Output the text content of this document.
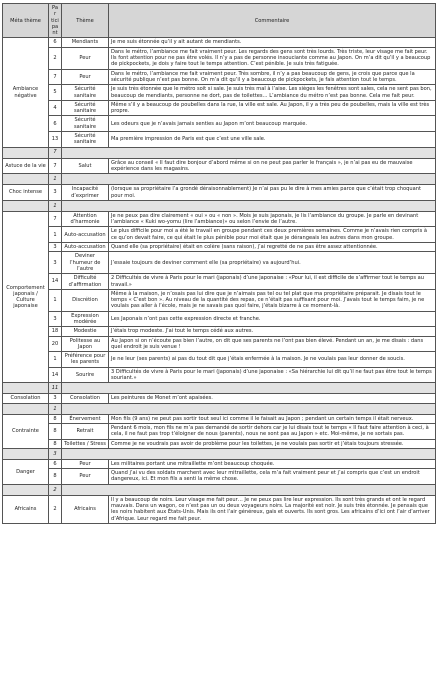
Méta thème	Par tici pa nt	Thème	Commentaire
Ambiance négative	6	Mendiants	Je me suis étonnée qu’il y ait autant de mendiants.
	2	Peur	Dans le métro, l’ambiance me fait vraiment peur. Les regards des gens sont très lourds. Très triste, leur visage me fait peur. Ils font attention pour ne pas être volés. Il n’y a pas de personne insouciante comme au Japon. On m’a dit qu’il y a beaucoup de pickpockets, je dois y faire tout le temps attention. C’est pénible. Je suis très fatiguée.
	7	Peur	Dans le métro, l’ambiance me fait vraiment peur. Très sombre, il n’y a pas beaucoup de gens, je crois que parce que la sécurité publique n’est pas bonne. On m’a dit qu’il y a beaucoup de pickpockets, je fais attention tout le temps.
	5	Sécurité sanitaire	Je suis très étonnée que le métro soit si sale. Je suis très mal à l’aise. Les sièges les fenêtres sont sales, cela ne sent pas bon, beaucoup de mendiants, personne ne dort, pas de toilettes… L’ambiance du métro n’est pas bonne. Cela me fait peur.
	4	Sécurité sanitaire	Même s’il y a beaucoup de poubelles dans la rue, la ville est sale. Au Japon, il y a très peu de poubelles, mais la ville est très propre.
	6	Sécurité sanitaire	Les odeurs que je n’avais jamais senties au Japon m’ont beaucoup marquée.
	13	Sécurité sanitaire	Ma première impression de Paris est que c’est une ville sale.
	7		
Astuce de la vie	7	Salut	Grâce au conseil « Il faut dire bonjour d’abord même si on ne peut pas parler le français », je n’ai pas eu de mauvaise expérience dans les magasins.
	1		
Choc intense	3	Incapacité d’exprimer	(lorsque sa propriétaire l’a grondé déraisonnablement) Je n’ai pas pu le dire à mes amies parce que c’était trop choquant pour moi.
	1		
Comportement japonais / Culture japonaise	7	Attention d’harmonie	Je ne peux pas dire clairement « oui » ou « non ». Mois je suis japonais, je lis l’ambiance du groupe. Je parle en devinant l’ambiance « Kuki wo-yomu (lire l’ambiance)» ou selon l’envie de l’autre.
	1	Auto-accusation	Le plus difficile pour moi a été le travail en groupe pendant ces deux premières semaines. Comme je n’avais rien compris à ce qu’on devait faire, ce qui était le plus pénible pour moi était que je dérangeais les autres dans mon groupe.
	3	Auto-accusation	Quand elle (sa propriétaire) était en colère (sans raison), j’ai regretté de ne pas être assez attentionnée.
	3	Deviner l’humeur de l’autre	J’essaie toujours de deviner comment elle (sa propriétaire) va aujourd’hui.
	14	Difficulté d’affirmation	2 Difficultés de vivre à Paris pour le mari (japonais) d’une japonaise : «Pour lui, il est difficile de s’affirmer tout le temps au travail.»
	1	Discrétion	Même à la maison, je n’osais pas lui dire que je n’aimais pas tel ou tel plat que ma propriétaire préparait. Je disais tout le temps « C’est bon ». Au niveau de la quantité des repas, ce n’était pas suffisant pour moi. J’avais tout le temps faim, je ne voulais pas aller à l’école, mais je ne savais pas quoi faire, j’étais bizarre à ce moment-là.
	3	Expression modérée	Les Japonais n’ont pas cette expression directe et franche.
	18	Modestie	J’étais trop modeste. J’ai tout le temps cédé aux autres.
	20	Politesse au Japon	Au Japon si on n’écoute pas bien l’autre, on dit que ses parents ne l’ont pas bien élevé. Pendant un an, je me disais : dans quel endroit je suis venue !
	1	Préférence pour les parents	Je ne leur (ses parents) ai pas du tout dit que j’étais enfermée à la maison. Je ne voulais pas leur donner de soucis.
	14	Sourire	3 Difficultés de vivre à Paris pour le mari (japonais) d’une japonaise : «Sa hiérarchie lui dit qu’il ne faut pas être tout le temps souriant.»
	11		
Consolation	3	Consolation	Les peintures de Monet m’ont apaisées.
	1		
Contrainte	8	Énervement	Mon fils (9 ans) ne peut pas sortir tout seul ici comme il le faisait au Japon ; pendant un certain temps il était nerveux.
	8	Retrait	Pendant 6 mois, mon fils ne m’a pas demandé de sortir dehors car je lui disais tout le temps « Il faut faire attention à ceci, à cela, il ne faut pas trop t’éloigner de nous (parents), nous ne sont pas au Japon » etc. Moi-même, je ne sortais pas.
	8	Toilettes / Stress	Comme je ne voudrais pas avoir de problème pour les toilettes, je ne voulais pas sortir et j’étais toujours stressée.
	3		
Danger	6	Peur	Les militaires portant une mitraillette m’ont beaucoup choquée.
	8	Peur	Quand j’ai vu des soldats marchent avec leur mitraillette, cela m’a fait vraiment peur et j’ai compris que c’est un endroit dangereux, ici. Et mon fils a senti la même chose.
	2		
Africains	2	Africains	Il y a beaucoup de noirs. Leur visage me fait peur… Je ne peux pas lire leur expression. Ils sont très grands et ont le regard mauvais. Dans un wagon, ce n’est pas un ou deux voyageurs noirs. La majorité est noir. Je suis très étonnée. Je pensais que les noirs habitent aux États-Unis. Mais ils ont l’air généreux, gais et ouverts. Ils sont gros. Les africains d’ici ont l’air d’arriver d’Afrique. Leur regard me fait peur.
